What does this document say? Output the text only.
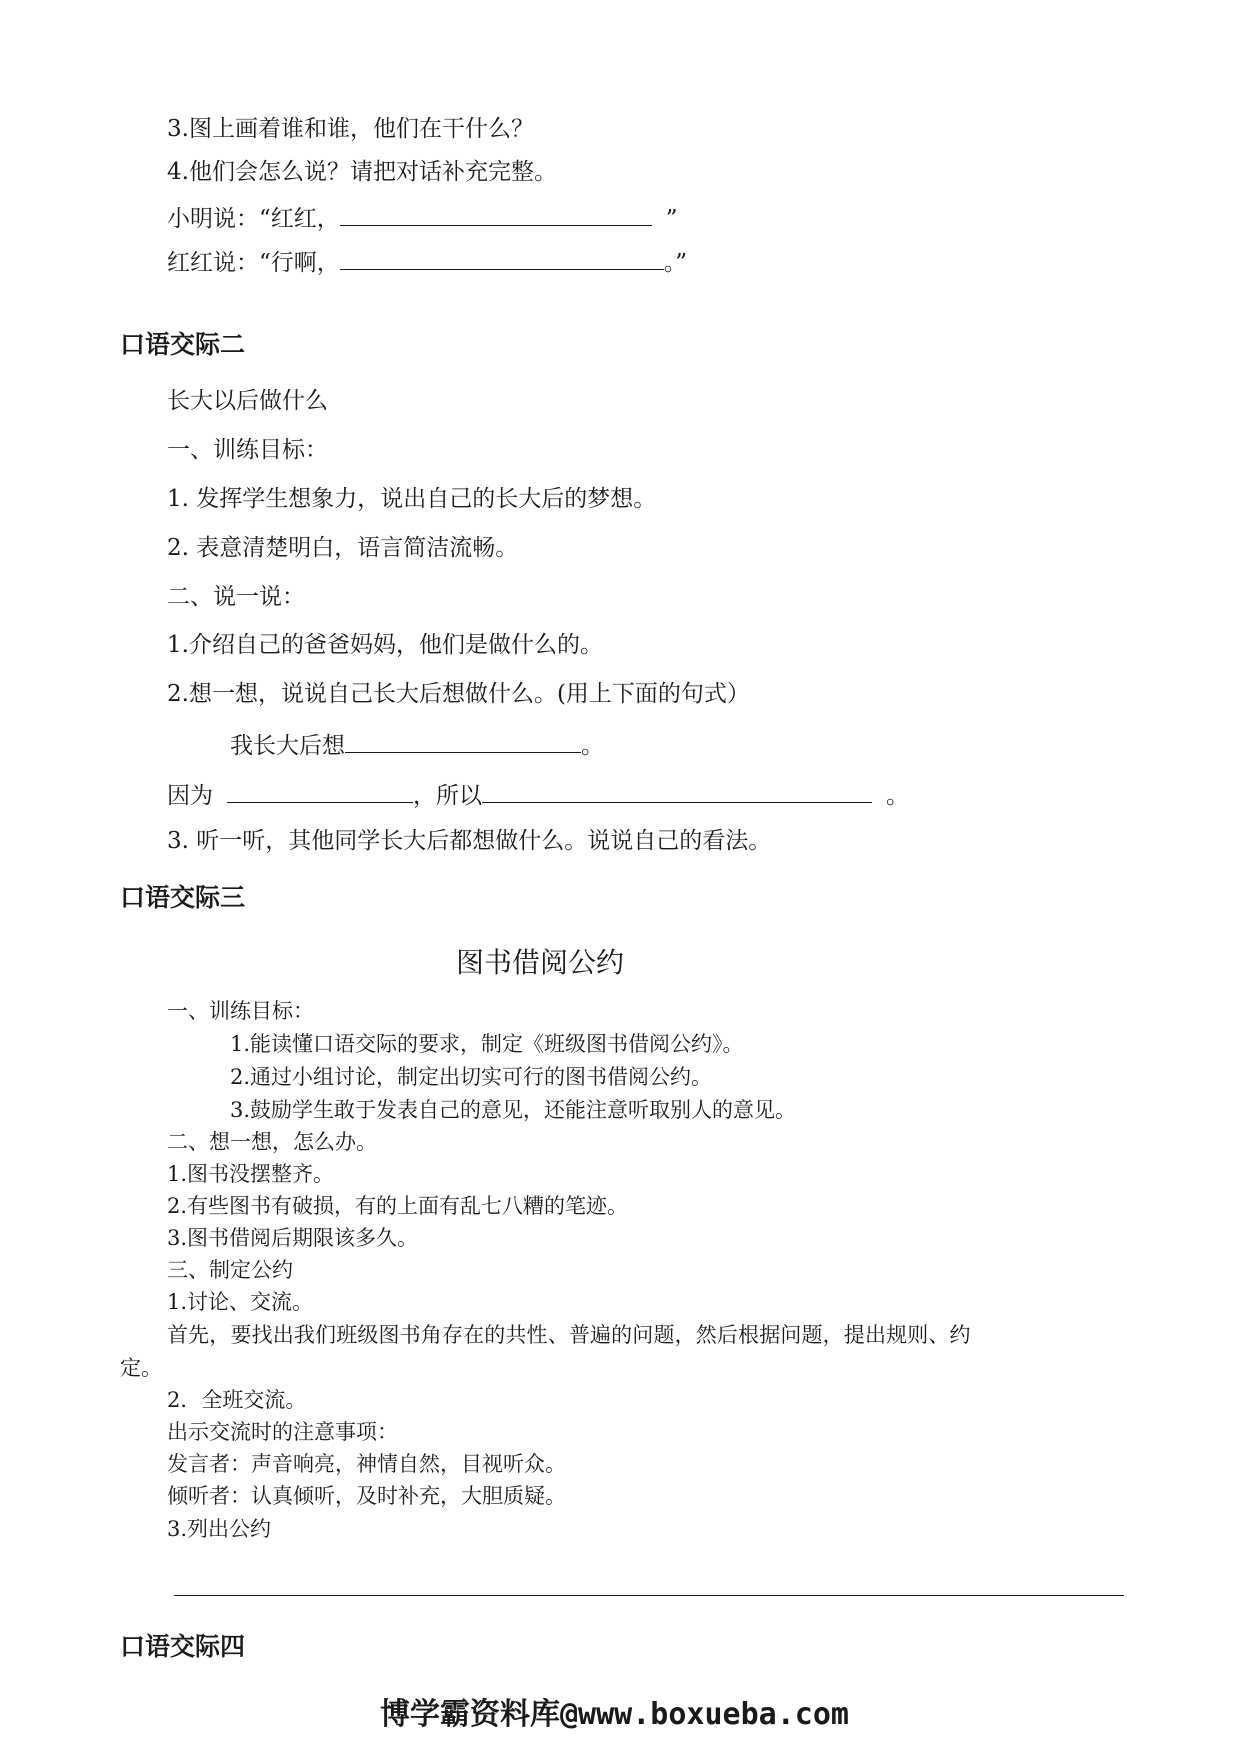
3.图上画着谁和谁，他们在干什么？
4.他们会怎么说？请把对话补充完整。
小明说：“红红，	”
红红说：“行啊，	。”
口语交际二
长大以后做什么
一、训练目标：
1. 发挥学生想象力，说出自己的长大后的梦想。
2. 表意清楚明白，语言简洁流畅。
二、说一说：
1.介绍自己的爸爸妈妈，他们是做什么的。
2.想一想，说说自己长大后想做什么。(用上下面的句式）
我长大后想	。
因为	，所以	。
3. 听一听，其他同学长大后都想做什么。说说自己的看法。
口语交际三
图书借阅公约
一、训练目标：
1.能读懂口语交际的要求，制定《班级图书借阅公约》。
2.通过小组讨论，制定出切实可行的图书借阅公约。
3.鼓励学生敢于发表自己的意见，还能注意听取别人的意见。
二、想一想，怎么办。
1.图书没摆整齐。
2.有些图书有破损，有的上面有乱七八糟的笔迹。
3.图书借阅后期限该多久。
三、制定公约
1.讨论、交流。
首先，要找出我们班级图书角存在的共性、普遍的问题，然后根据问题，提出规则、约
定。
2．全班交流。
出示交流时的注意事项：
发言者：声音响亮，神情自然，目视听众。
倾听者：认真倾听，及时补充，大胆质疑。
3.列出公约
口语交际四
博学霸资料库@www.boxueba.com
